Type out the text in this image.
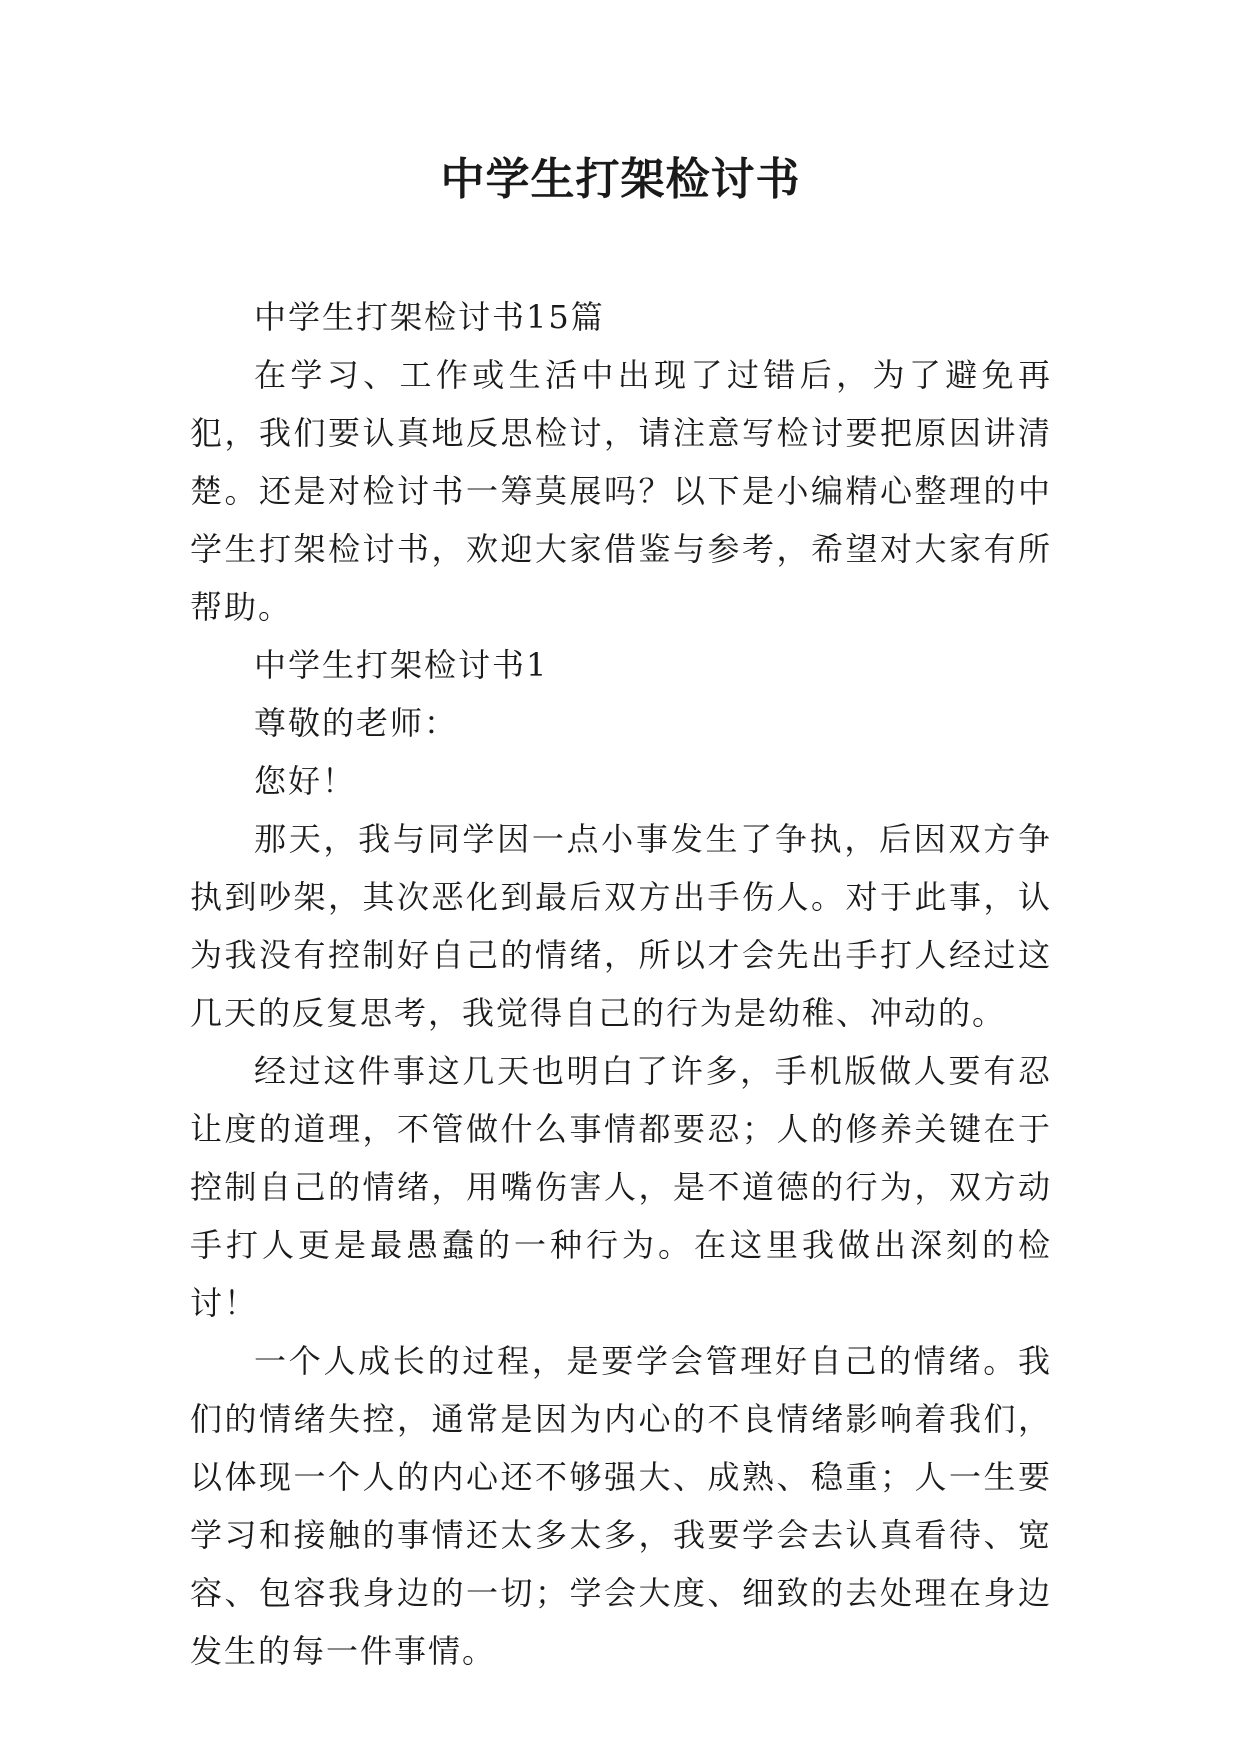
中学生打架检讨书

中学生打架检讨书15篇

在学习、工作或生活中出现了过错后，为了避免再犯，我们要认真地反思检讨，请注意写检讨要把原因讲清楚。还是对检讨书一筹莫展吗？以下是小编精心整理的中学生打架检讨书，欢迎大家借鉴与参考，希望对大家有所帮助。

中学生打架检讨书1

尊敬的老师：

您好！

那天，我与同学因一点小事发生了争执，后因双方争执到吵架，其次恶化到最后双方出手伤人。对于此事，认为我没有控制好自己的情绪，所以才会先出手打人经过这几天的反复思考，我觉得自己的行为是幼稚、冲动的。

经过这件事这几天也明白了许多，手机版做人要有忍让度的道理，不管做什么事情都要忍；人的修养关键在于控制自己的情绪，用嘴伤害人，是不道德的行为，双方动手打人更是最愚蠢的一种行为。在这里我做出深刻的检讨！

一个人成长的过程，是要学会管理好自己的情绪。我们的情绪失控，通常是因为内心的不良情绪影响着我们，以体现一个人的内心还不够强大、成熟、稳重；人一生要学习和接触的事情还太多太多，我要学会去认真看待、宽容、包容我身边的一切；学会大度、细致的去处理在身边发生的每一件事情。
